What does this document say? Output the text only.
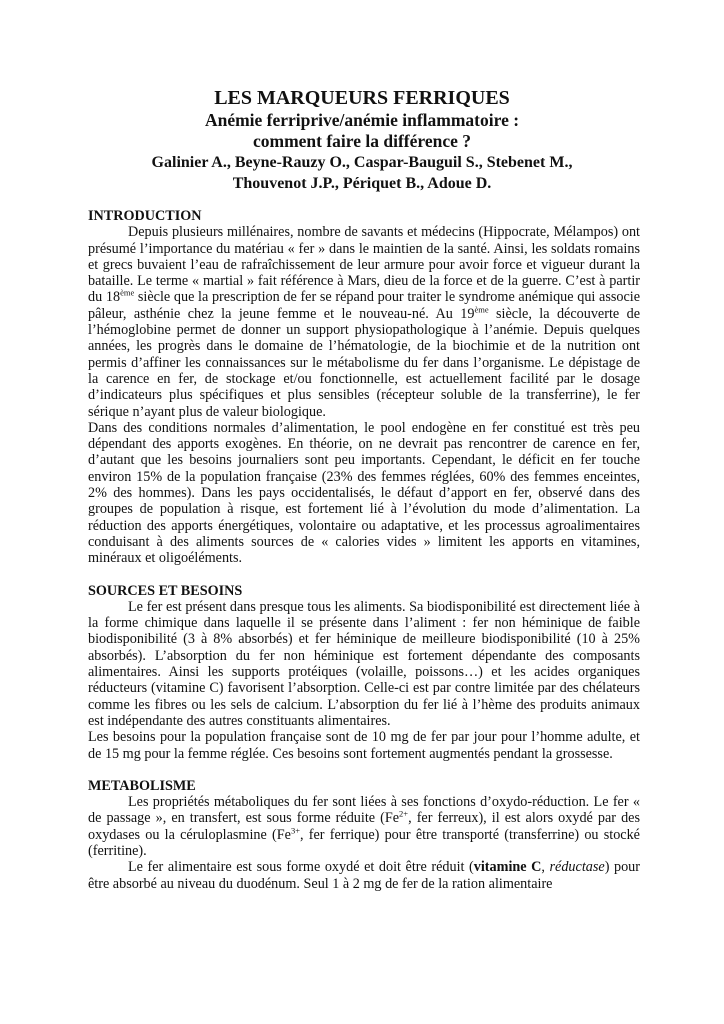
LES MARQUEURS FERRIQUES
Anémie ferriprive/anémie inflammatoire :
comment faire la différence ?
Galinier A., Beyne-Rauzy O., Caspar-Bauguil S., Stebenet M.,
Thouvenot J.P., Périquet B., Adoue D.
INTRODUCTION

Depuis plusieurs millénaires, nombre de savants et médecins (Hippocrate, Mélampos) ont présumé l’importance du matériau « fer » dans le maintien de la santé. Ainsi, les soldats romains et grecs buvaient l’eau de rafraîchissement de leur armure pour avoir force et vigueur durant la bataille. Le terme « martial » fait référence à Mars, dieu de la force et de la guerre. C’est à partir du 18ème siècle que la prescription de fer se répand pour traiter le syndrome anémique qui associe pâleur, asthénie chez la jeune femme et le nouveau-né. Au 19ème siècle, la découverte de l’hémoglobine permet de donner un support physiopathologique à l’anémie. Depuis quelques années, les progrès dans le domaine de l’hématologie, de la biochimie et de la nutrition ont permis d’affiner les connaissances sur le métabolisme du fer dans l’organisme. Le dépistage de la carence en fer, de stockage et/ou fonctionnelle, est actuellement facilité par le dosage d’indicateurs plus spécifiques et plus sensibles (récepteur soluble de la transferrine), le fer sérique n’ayant plus de valeur biologique.

Dans des conditions normales d’alimentation, le pool endogène en fer constitué est très peu dépendant des apports exogènes. En théorie, on ne devrait pas rencontrer de carence en fer, d’autant que les besoins journaliers sont peu importants. Cependant, le déficit en fer touche environ 15% de la population française (23% des femmes réglées, 60% des femmes enceintes, 2% des hommes). Dans les pays occidentalisés, le défaut d’apport en fer, observé dans des groupes de population à risque, est fortement lié à l’évolution du mode d’alimentation. La réduction des apports énergétiques, volontaire ou adaptative, et les processus agroalimentaires conduisant à des aliments sources de « calories vides » limitent les apports en vitamines, minéraux et oligoéléments.

SOURCES ET BESOINS

Le fer est présent dans presque tous les aliments. Sa biodisponibilité est directement liée à la forme chimique dans laquelle il se présente dans l’aliment : fer non héminique de faible biodisponibilité (3 à 8% absorbés) et fer héminique de meilleure biodisponibilité (10 à 25% absorbés). L’absorption du fer non héminique est fortement dépendante des composants alimentaires. Ainsi les supports protéiques (volaille, poissons…) et les acides organiques réducteurs (vitamine C) favorisent l’absorption. Celle-ci est par contre limitée par des chélateurs comme les fibres ou les sels de calcium. L’absorption du fer lié à l’hème des produits animaux est indépendante des autres constituants alimentaires.

Les besoins pour la population française sont de 10 mg de fer par jour pour l’homme adulte, et de 15 mg pour la femme réglée. Ces besoins sont fortement augmentés pendant la grossesse.

METABOLISME

Les propriétés métaboliques du fer sont liées à ses fonctions d’oxydo-réduction. Le fer « de passage », en transfert, est sous forme réduite ($Fe^{2+}$, fer ferreux), il est alors oxydé par des oxydases ou la céruloplasmine ($Fe^{3+}$, fer ferrique) pour être transporté (transferrine) ou stocké (ferritine).

Le fer alimentaire est sous forme oxydé et doit être réduit (vitamine C, réductase) pour être absorbé au niveau du duodénum. Seul 1 à 2 mg de fer de la ration alimentaire
